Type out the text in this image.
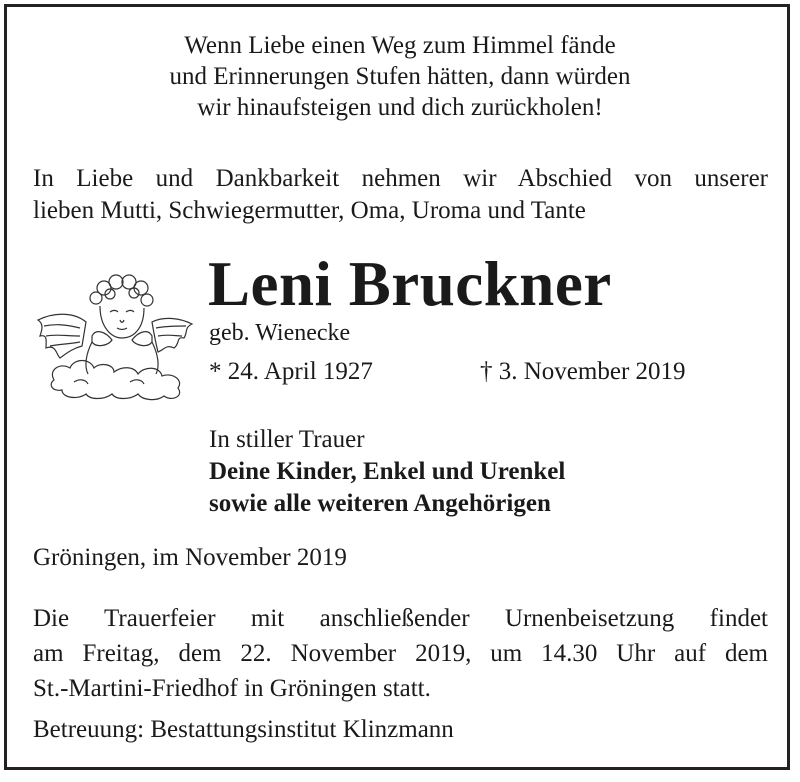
Wenn Liebe einen Weg zum Himmel fände
und Erinnerungen Stufen hätten, dann würden
wir hinaufsteigen und dich zurückholen!
In Liebe und Dankbarkeit nehmen wir Abschied von unserer
lieben Mutti, Schwiegermutter, Oma, Uroma und Tante
Leni Bruckner
geb. Wienecke
* 24. April 1927	† 3. November 2019
In stiller Trauer
Deine Kinder, Enkel und Urenkel
sowie alle weiteren Angehörigen
Gröningen, im November 2019
Die Trauerfeier mit anschließender Urnenbeisetzung findet
am Freitag, dem 22. November 2019, um 14.30 Uhr auf dem
St.-Martini-Friedhof in Gröningen statt.
Betreuung: Bestattungsinstitut Klinzmann
